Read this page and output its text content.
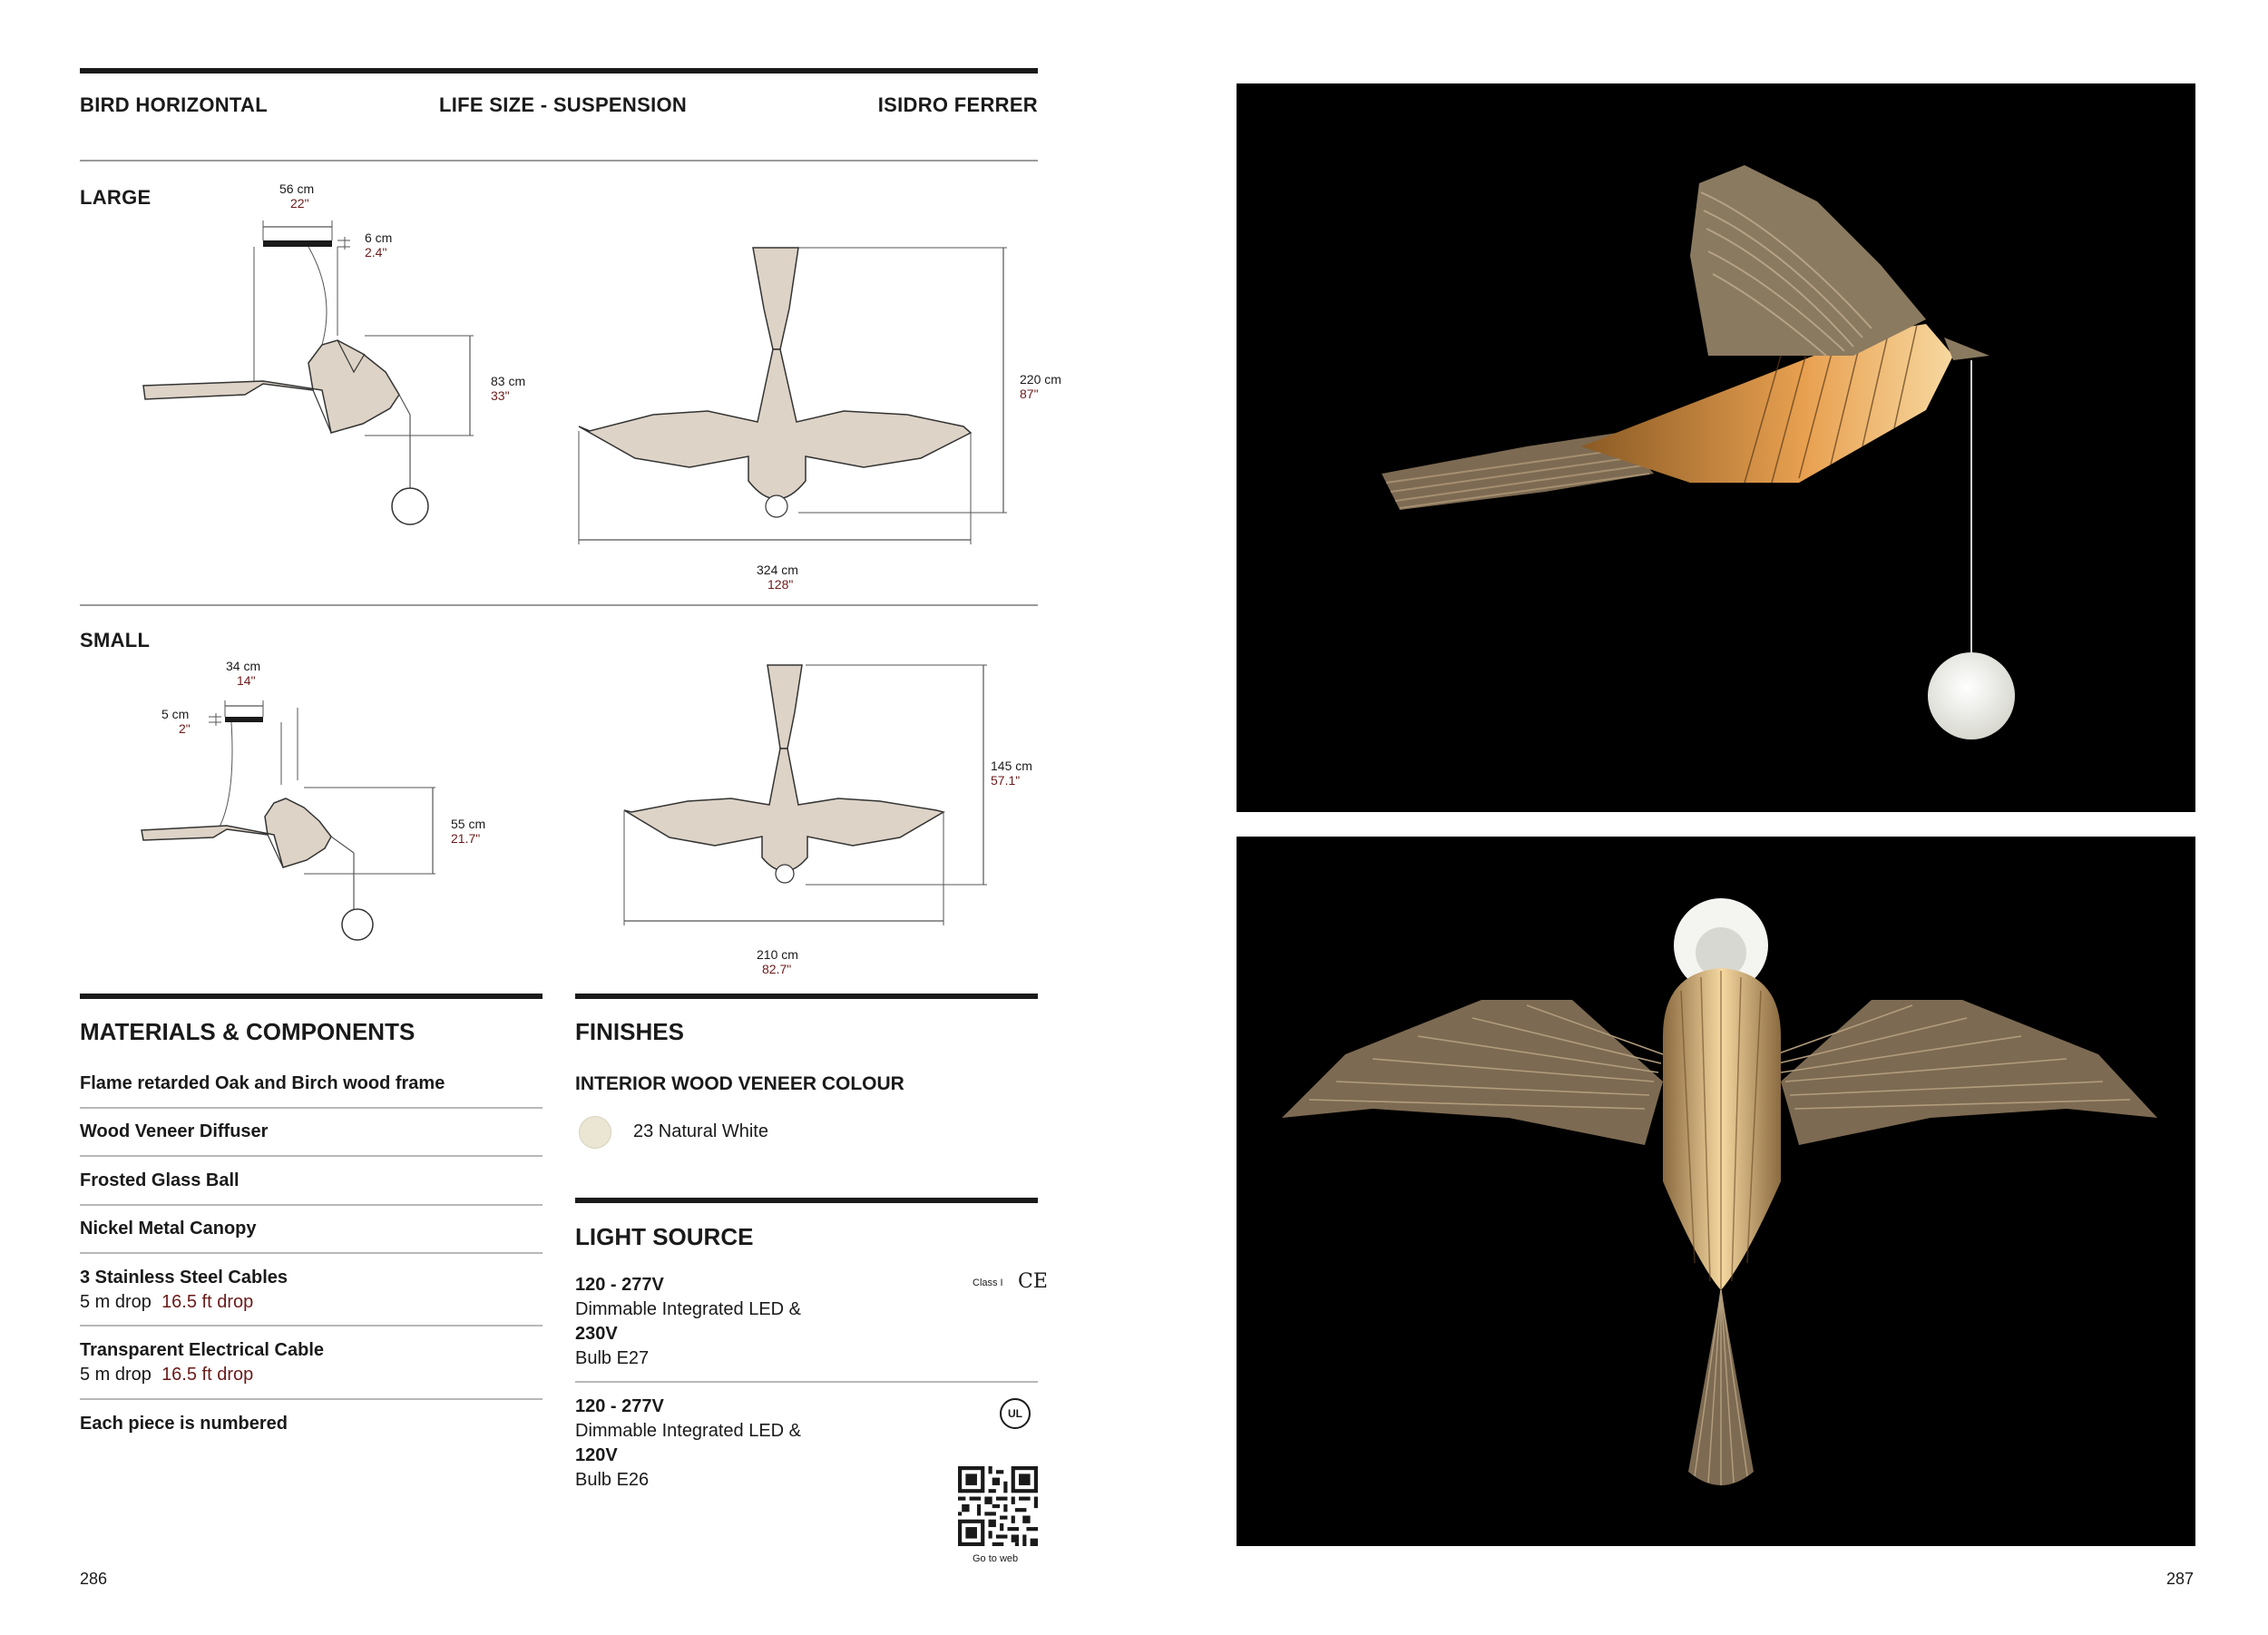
BIRD HORIZONTAL	LIFE SIZE - SUSPENSION	ISIDRO FERRER
LARGE	56 cm
22"
6 cm
2.4"
83 cm
33"
220 cm
87"
324 cm
128"
SMALL
34 cm
14"
5 cm
2"
55 cm
21.7"
145 cm
57.1"
210 cm
82.7"
MATERIALS & COMPONENTS
Flame retarded Oak and Birch wood frame
Wood Veneer Diffuser
Frosted Glass Ball
Nickel Metal Canopy
3 Stainless Steel Cables
5 m drop 16.5 ft drop
Transparent Electrical Cable
5 m drop 16.5 ft drop
Each piece is numbered
FINISHES
INTERIOR WOOD VENEER COLOUR
23 Natural White
LIGHT SOURCE
120 - 277V
Dimmable Integrated LED &
230V
Bulb E27
Class I CE
120 - 277V
Dimmable Integrated LED &
120V
Bulb E26
UL
Go to web
286	287
